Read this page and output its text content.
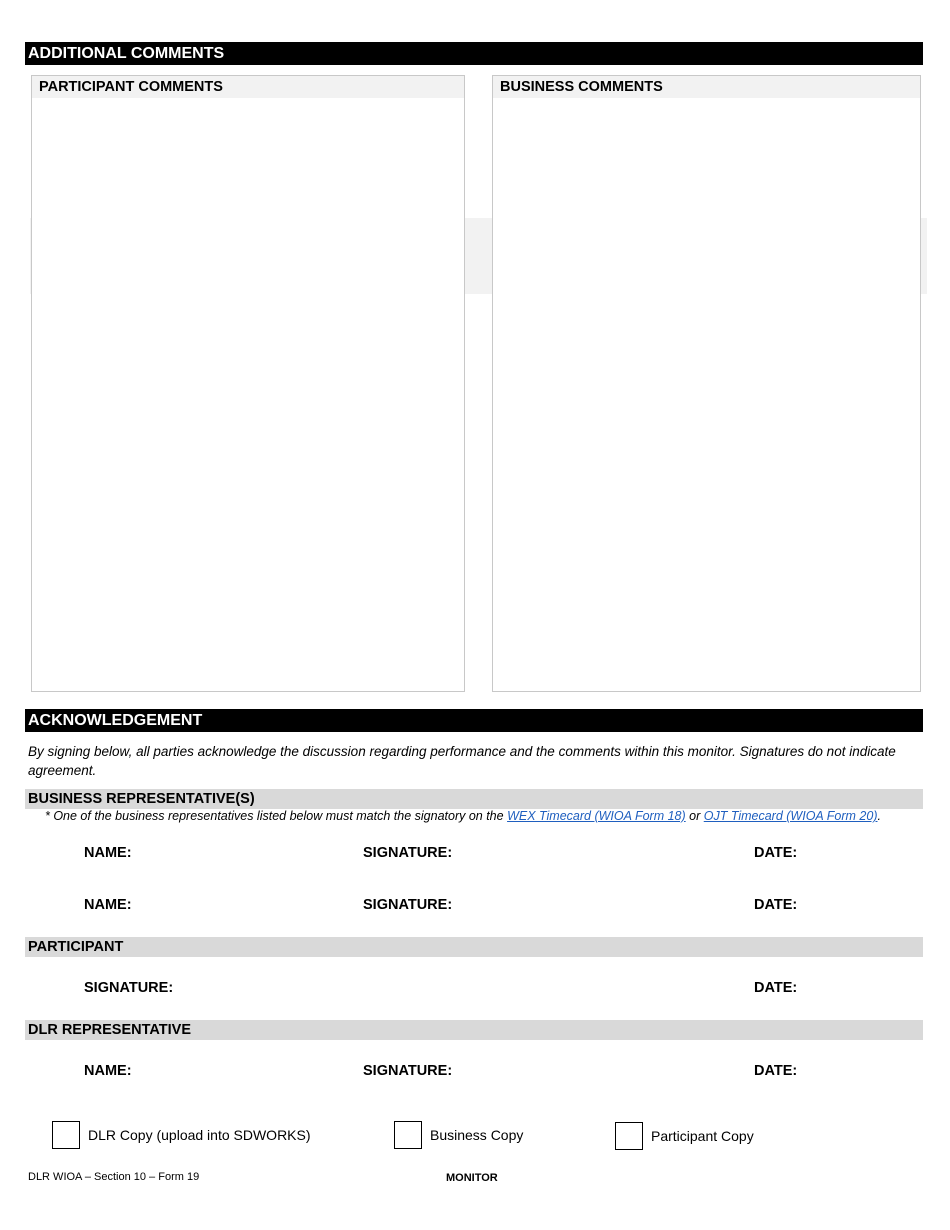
ADDITIONAL COMMENTS
PARTICIPANT COMMENTS	BUSINESS COMMENTS
ACKNOWLEDGEMENT
By signing below, all parties acknowledge the discussion regarding performance and the comments within this monitor. Signatures do not indicate agreement.
BUSINESS REPRESENTATIVE(S)
* One of the business representatives listed below must match the signatory on the WEX Timecard (WIOA Form 18) or OJT Timecard (WIOA Form 20).
NAME:	SIGNATURE:	DATE:
NAME:	SIGNATURE:	DATE:
PARTICIPANT
SIGNATURE:	DATE:
DLR REPRESENTATIVE
NAME:	SIGNATURE:	DATE:
DLR Copy (upload into SDWORKS)	Business Copy	Participant Copy
DLR WIOA – Section 10 – Form 19	MONITOR
